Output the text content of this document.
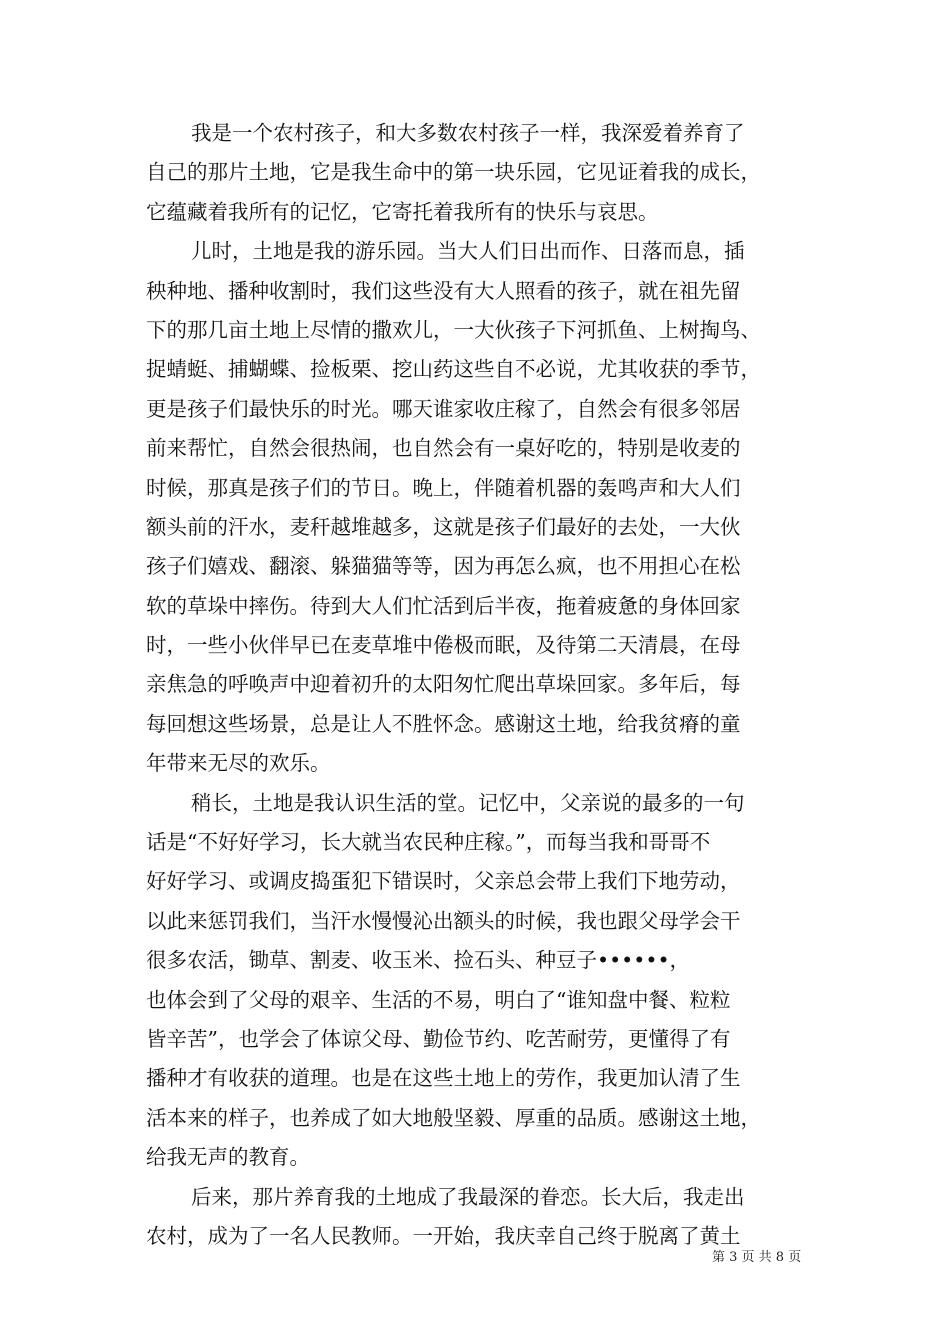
我是一个农村孩子，和大多数农村孩子一样，我深爱着养育了
自己的那片土地，它是我生命中的第一块乐园，它见证着我的成长，
它蕴藏着我所有的记忆，它寄托着我所有的快乐与哀思。
儿时，土地是我的游乐园。当大人们日出而作、日落而息，插
秧种地、播种收割时，我们这些没有大人照看的孩子，就在祖先留
下的那几亩土地上尽情的撒欢儿，一大伙孩子下河抓鱼、上树掏鸟、
捉蜻蜓、捕蝴蝶、捡板栗、挖山药这些自不必说，尤其收获的季节，
更是孩子们最快乐的时光。哪天谁家收庄稼了，自然会有很多邻居
前来帮忙，自然会很热闹，也自然会有一桌好吃的，特别是收麦的
时候，那真是孩子们的节日。晚上，伴随着机器的轰鸣声和大人们
额头前的汗水，麦秆越堆越多，这就是孩子们最好的去处，一大伙
孩子们嬉戏、翻滚、躲猫猫等等，因为再怎么疯，也不用担心在松
软的草垛中摔伤。待到大人们忙活到后半夜，拖着疲惫的身体回家
时，一些小伙伴早已在麦草堆中倦极而眠，及待第二天清晨，在母
亲焦急的呼唤声中迎着初升的太阳匆忙爬出草垛回家。多年后，每
每回想这些场景，总是让人不胜怀念。感谢这土地，给我贫瘠的童
年带来无尽的欢乐。
稍长，土地是我认识生活的堂。记忆中，父亲说的最多的一句
话是“不好好学习，长大就当农民种庄稼。”，而每当我和哥哥不
好好学习、或调皮捣蛋犯下错误时，父亲总会带上我们下地劳动，
以此来惩罚我们，当汗水慢慢沁出额头的时候，我也跟父母学会干
很多农活，锄草、割麦、收玉米、捡石头、种豆子••••••，
也体会到了父母的艰辛、生活的不易，明白了“谁知盘中餐、粒粒
皆辛苦”，也学会了体谅父母、勤俭节约、吃苦耐劳，更懂得了有
播种才有收获的道理。也是在这些土地上的劳作，我更加认清了生
活本来的样子，也养成了如大地般坚毅、厚重的品质。感谢这土地，
给我无声的教育。
后来，那片养育我的土地成了我最深的眷恋。长大后，我走出
农村，成为了一名人民教师。一开始，我庆幸自己终于脱离了黄土
第 3 页 共 8 页
